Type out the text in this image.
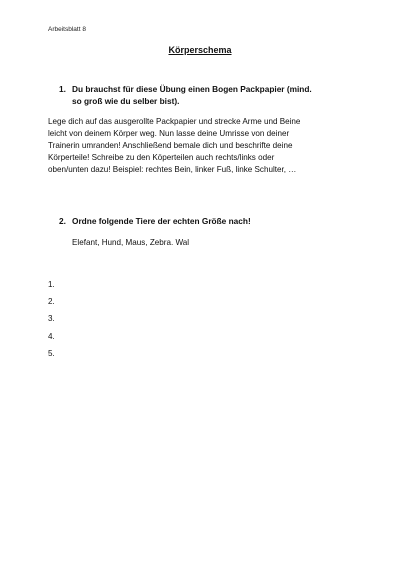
Arbeitsblatt 8
Körperschema
1. Du brauchst für diese Übung einen Bogen Packpapier (mind.
so groß wie du selber bist).
Lege dich auf das ausgerollte Packpapier und strecke Arme und Beine
leicht von deinem Körper weg. Nun lasse deine Umrisse von deiner
Trainerin umranden! Anschließend bemale dich und beschrifte deine
Körperteile! Schreibe zu den Köperteilen auch rechts/links oder
oben/unten dazu! Beispiel: rechtes Bein, linker Fuß, linke Schulter, …
2. Ordne folgende Tiere der echten Größe nach!
Elefant, Hund, Maus, Zebra. Wal
1.
2.
3.
4.
5.
